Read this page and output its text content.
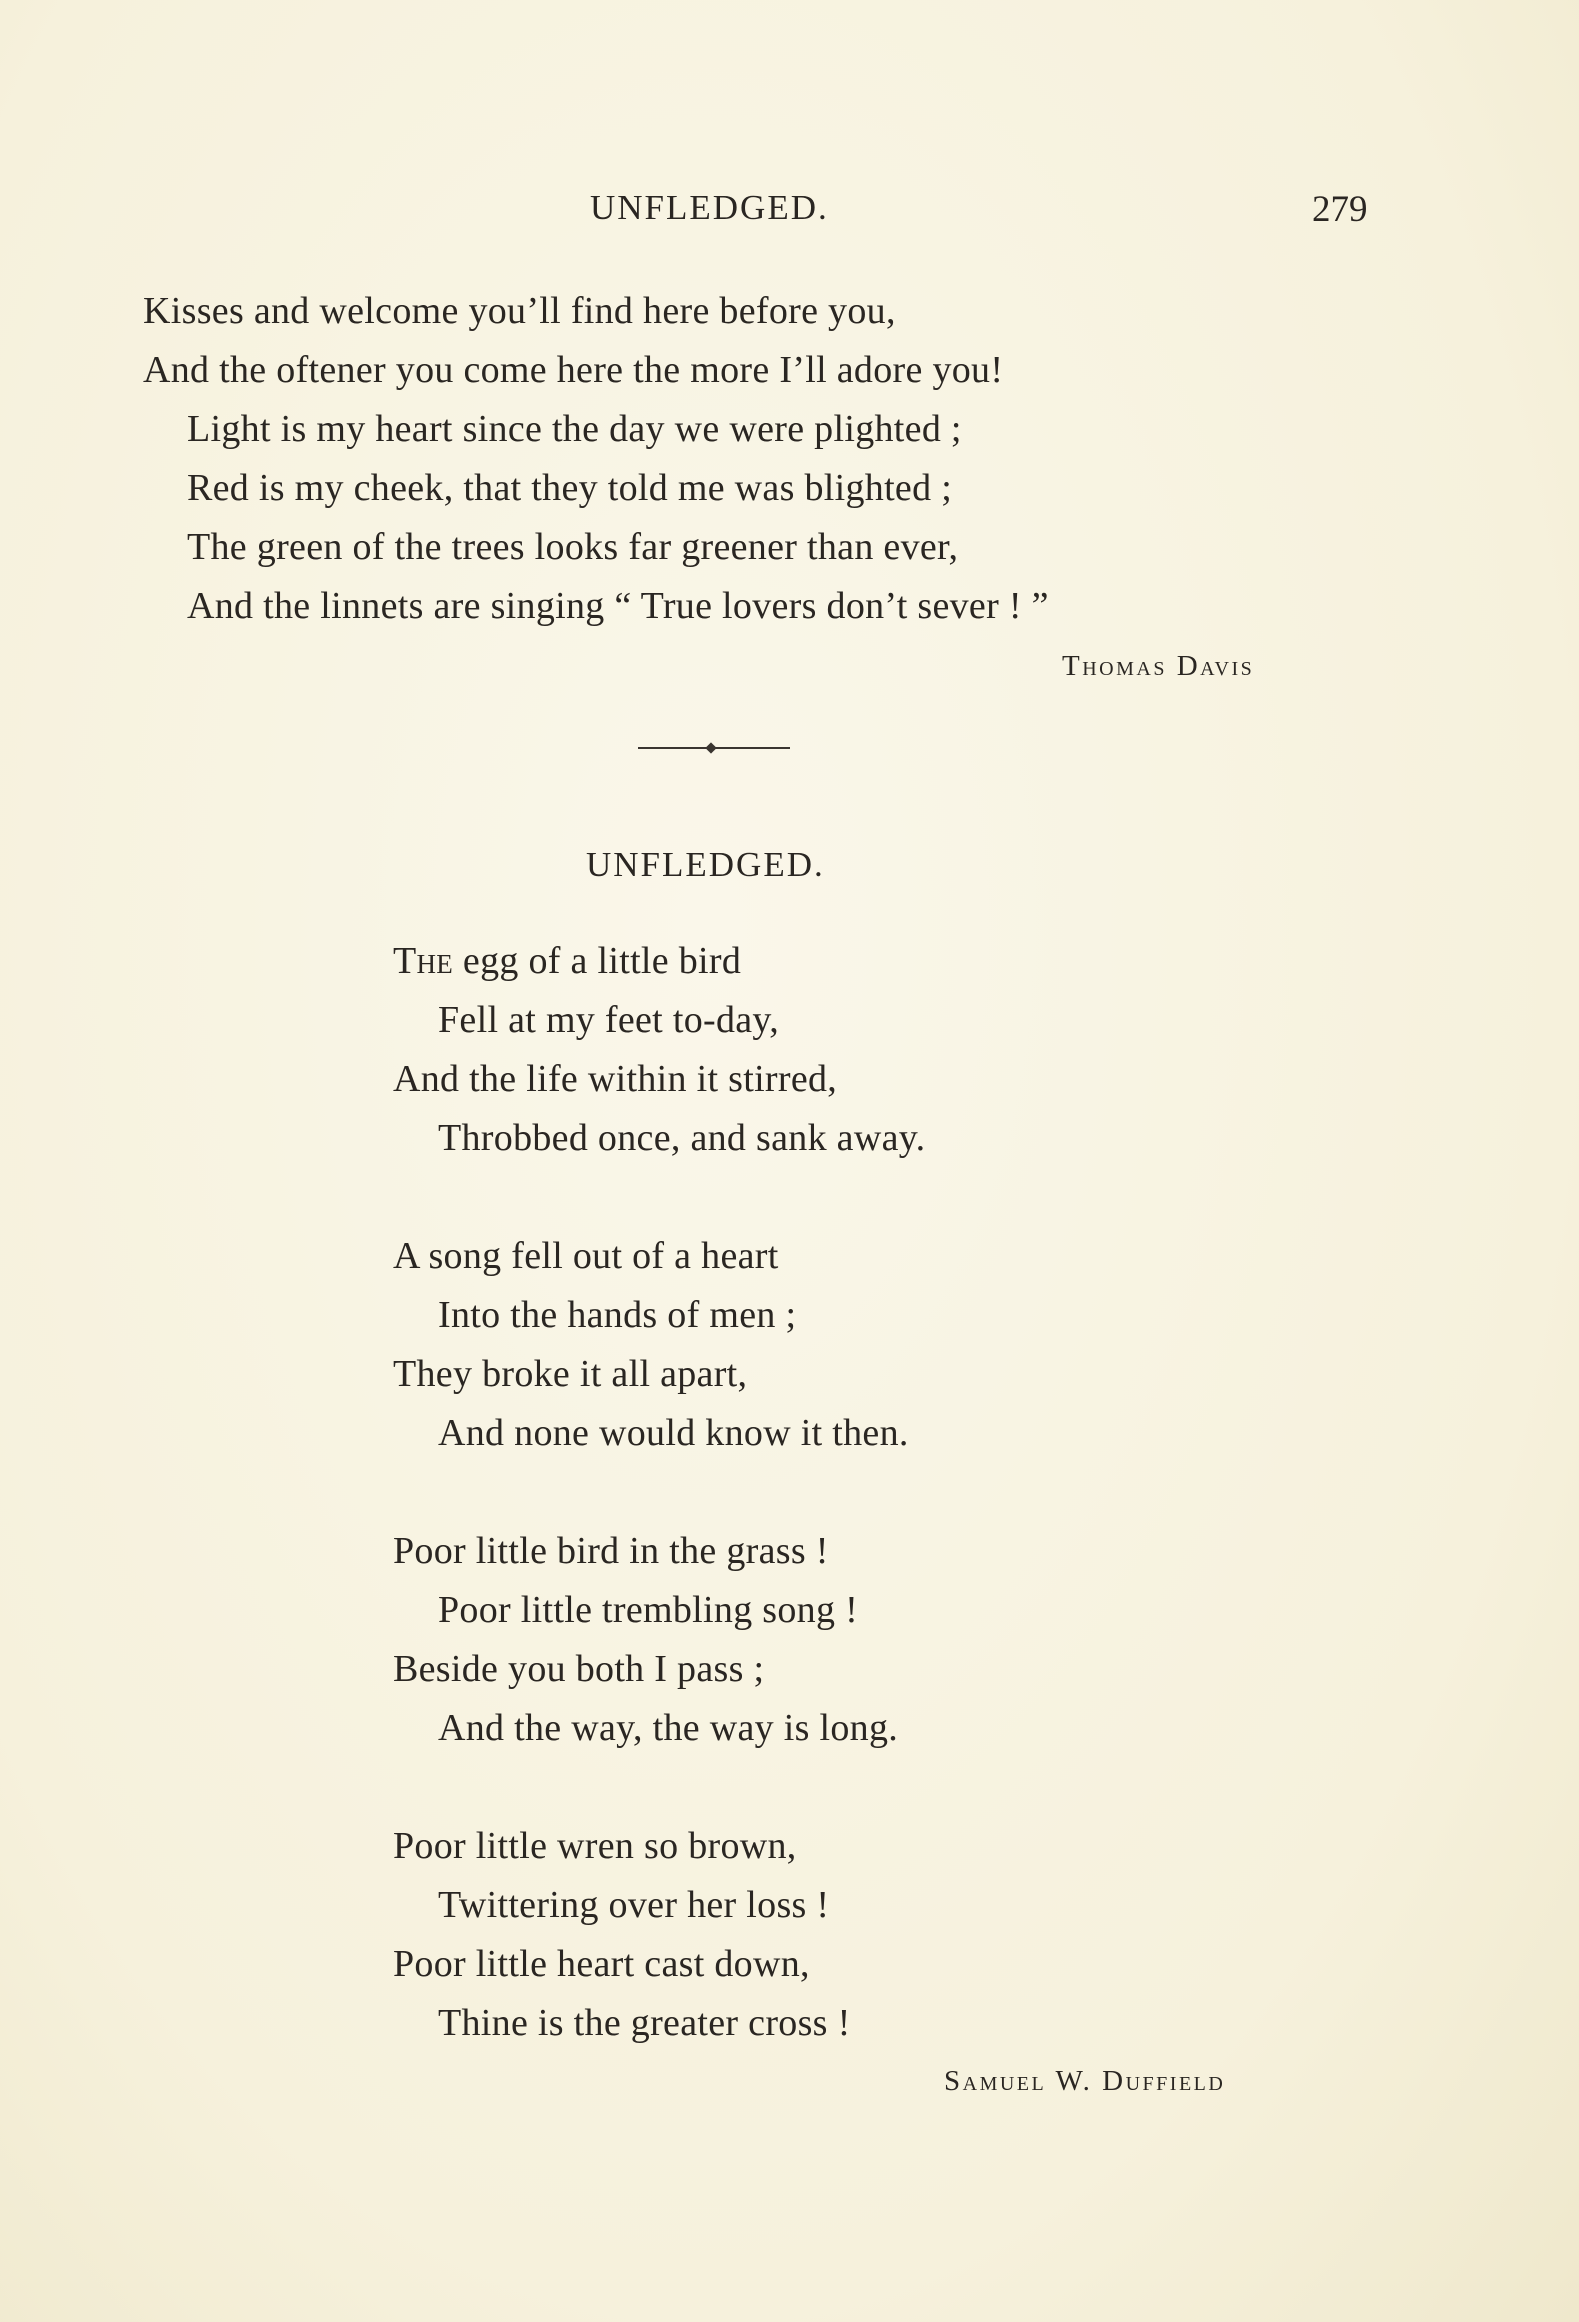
UNFLEDGED.	279
Kisses and welcome you’ll find here before you,
And the oftener you come here the more I’ll adore you!
Light is my heart since the day we were plighted ;
Red is my cheek, that they told me was blighted ;
The green of the trees looks far greener than ever,
And the linnets are singing “ True lovers don’t sever ! ”
Thomas Davis
UNFLEDGED.
The egg of a little bird
Fell at my feet to-day,
And the life within it stirred,
Throbbed once, and sank away.
A song fell out of a heart
Into the hands of men ;
They broke it all apart,
And none would know it then.
Poor little bird in the grass !
Poor little trembling song !
Beside you both I pass ;
And the way, the way is long.
Poor little wren so brown,
Twittering over her loss !
Poor little heart cast down,
Thine is the greater cross !
Samuel W. Duffield
